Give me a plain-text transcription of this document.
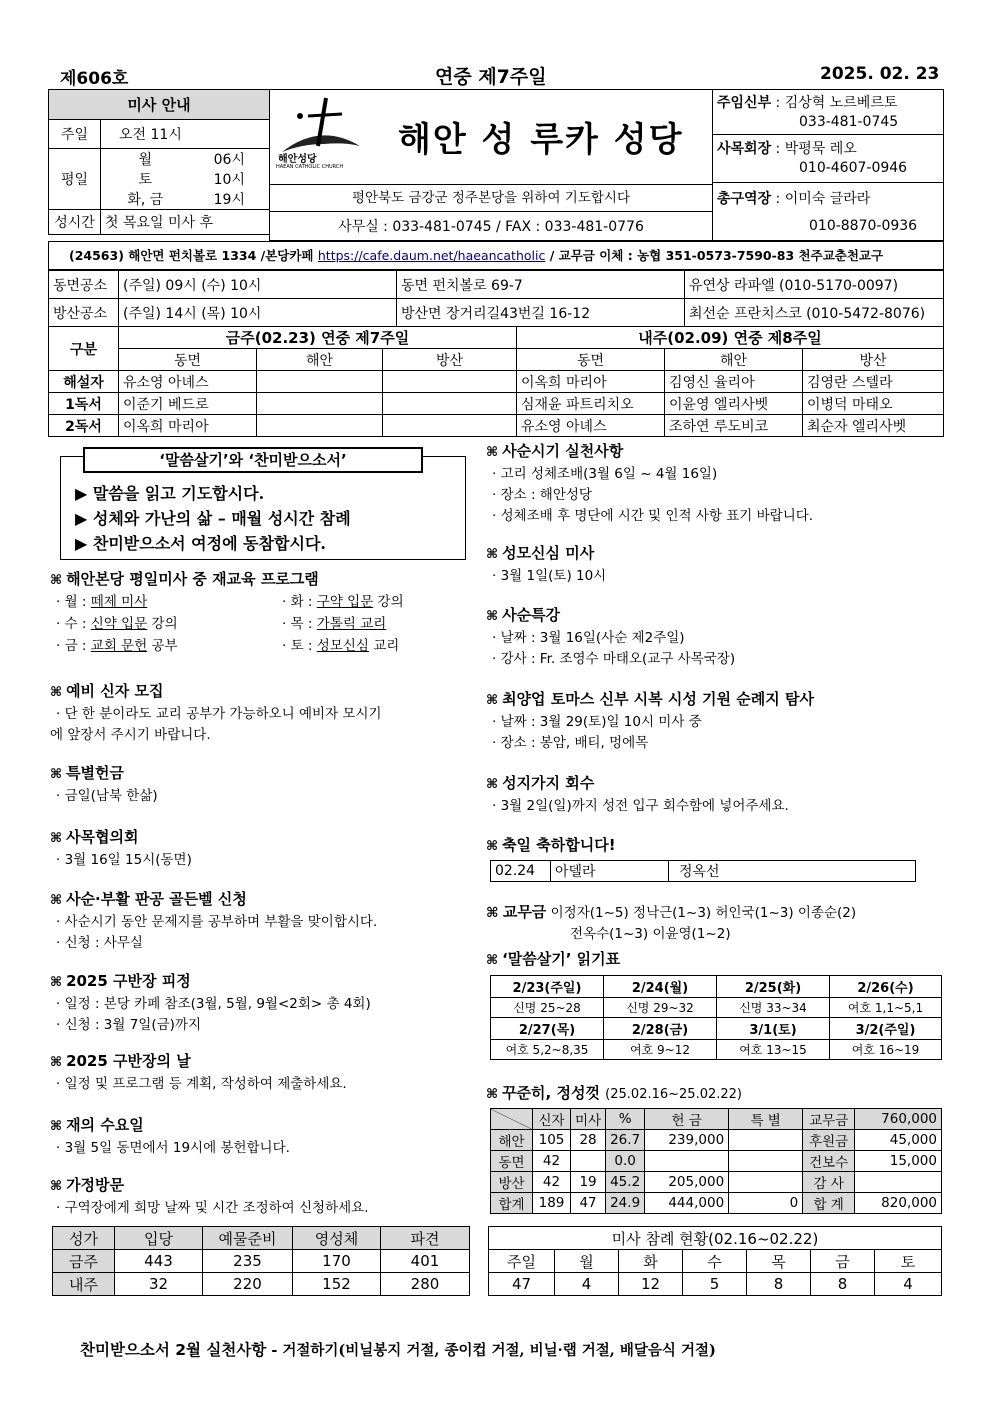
제606호	연중 제7주일	2025. 02. 23
미사 안내		
주일	오전 11시	
평일	월	06시
	토	10시
	화, 금	19시
성시간	첫 목요일 미사 후	
해안성당
HAEAN CATHOLIC CHURCH
해안 성 루카 성당
평안북도 금강군 정주본당을 위하여 기도합시다
사무실 : 033-481-0745 / FAX : 033-481-0776
주임신부 : 김상혁 노르베르토
033-481-0745
사목회장 : 박평묵 레오
010-4607-0946
총구역장 : 이미숙 글라라
010-8870-0936
(24563) 해안면 펀치볼로 1334 /본당카페 https://cafe.daum.net/haeancatholic / 교무금 이체 : 농협 351-0573-7590-83 천주교춘천교구
동면공소	(주일) 09시 (수) 10시	동면 펀치볼로 69-7	유연상 라파엘 (010-5170-0097)
방산공소	(주일) 14시 (목) 10시	방산면 장거리길43번길 16-12	최선순 프란치스코 (010-5472-8076)
구분	금주(02.23) 연중 제7주일			내주(02.09) 연중 제8주일		
	동면	해안	방산	동면	해안	방산
해설자	유소영 아녜스			이옥희 마리아	김영신 율리아	김영란 스텔라
1독서	이준기 베드로			심재윤 파트리치오	이윤영 엘리사벳	이병덕 마태오
2독서	이옥희 마리아			유소영 아녜스	조하연 루도비코	최순자 엘리사벳
‘말씀살기’와 ‘찬미받으소서’
▶ 말씀을 읽고 기도합시다.
▶ 성체와 가난의 삶 – 매월 성시간 참례
▶ 찬미받으소서 여정에 동참합시다.
⌘ 해안본당 평일미사 중 재교육 프로그램
· 월 : 떼제 미사	· 화 : 구약 입문 강의
· 수 : 신약 입문 강의	· 목 : 가톨릭 교리
· 금 : 교회 문헌 공부	· 토 : 성모신심 교리
⌘ 예비 신자 모집
· 단 한 분이라도 교리 공부가 가능하오니 예비자 모시기
에 앞장서 주시기 바랍니다.
⌘ 특별헌금
· 금일(남북 한삶)
⌘ 사목협의회
· 3월 16일 15시(동면)
⌘ 사순·부활 판공 골든벨 신청
· 사순시기 동안 문제지를 공부하며 부활을 맞이합시다.
· 신청 : 사무실
⌘ 2025 구반장 피정
· 일정 : 본당 카페 참조(3월, 5월, 9월<2회> 총 4회)
· 신청 : 3월 7일(금)까지
⌘ 2025 구반장의 날
· 일정 및 프로그램 등 계획, 작성하여 제출하세요.
⌘ 재의 수요일
· 3월 5일 동면에서 19시에 봉헌합니다.
⌘ 가정방문
· 구역장에게 희망 날짜 및 시간 조정하여 신청하세요.
⌘ 사순시기 실천사항
· 고리 성체조배(3월 6일 ~ 4월 16일)
· 장소 : 해안성당
· 성체조배 후 명단에 시간 및 인적 사항 표기 바랍니다.
⌘ 성모신심 미사
· 3월 1일(토) 10시
⌘ 사순특강
· 날짜 : 3월 16일(사순 제2주일)
· 강사 : Fr. 조영수 마태오(교구 사목국장)
⌘ 최양업 토마스 신부 시복 시성 기원 순례지 탐사
· 날짜 : 3월 29(토)일 10시 미사 중
· 장소 : 봉암, 배티, 멍에목
⌘ 성지가지 회수
· 3월 2일(일)까지 성전 입구 회수함에 넣어주세요.
⌘ 축일 축하합니다!
02.24	아델라	정옥선
⌘ 교무금 이정자(1~5) 정낙근(1~3) 허인국(1~3) 이종순(2)
전옥수(1~3) 이윤영(1~2)
⌘ ‘말씀살기’ 읽기표
2/23(주일)	2/24(월)	2/25(화)	2/26(수)
신명 25~28	신명 29~32	신명 33~34	여호 1,1~5,1
2/27(목)	2/28(금)	3/1(토)	3/2(주일)
여호 5,2~8,35	여호 9~12	여호 13~15	여호 16~19
⌘ 꾸준히, 정성껏 (25.02.16~25.02.22)
	신자	미사	%	헌 금	특 별	교무금	760,000
해안	105	28	26.7	239,000		후원금	45,000
동면	42		0.0			건보수	15,000
방산	42	19	45.2	205,000		감 사	
합계	189	47	24.9	444,000	0	합 계	820,000
성가	입당	예물준비	영성체	파견
금주	443	235	170	401
내주	32	220	152	280
미사 참례 현황(02.16~02.22)						
주일	월	화	수	목	금	토
47	4	12	5	8	8	4
찬미받으소서 2월 실천사항 - 거절하기(비닐봉지 거절, 종이컵 거절, 비닐·랩 거절, 배달음식 거절)
